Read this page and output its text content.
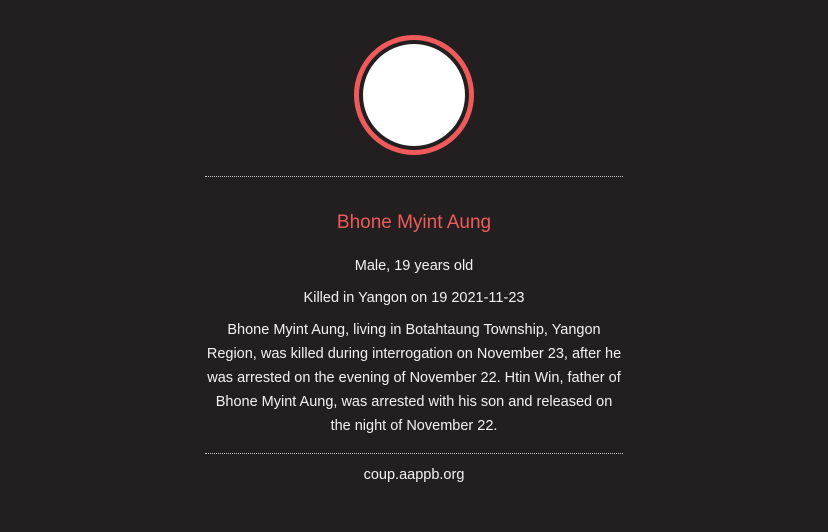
Bhone Myint Aung
Male, 19 years old
Killed in Yangon on 19 2021-11-23
Bhone Myint Aung, living in Botahtaung Township, Yangon Region, was killed during interrogation on November 23, after he was arrested on the evening of November 22. Htin Win, father of Bhone Myint Aung, was arrested with his son and released on the night of November 22.
coup.aappb.org
